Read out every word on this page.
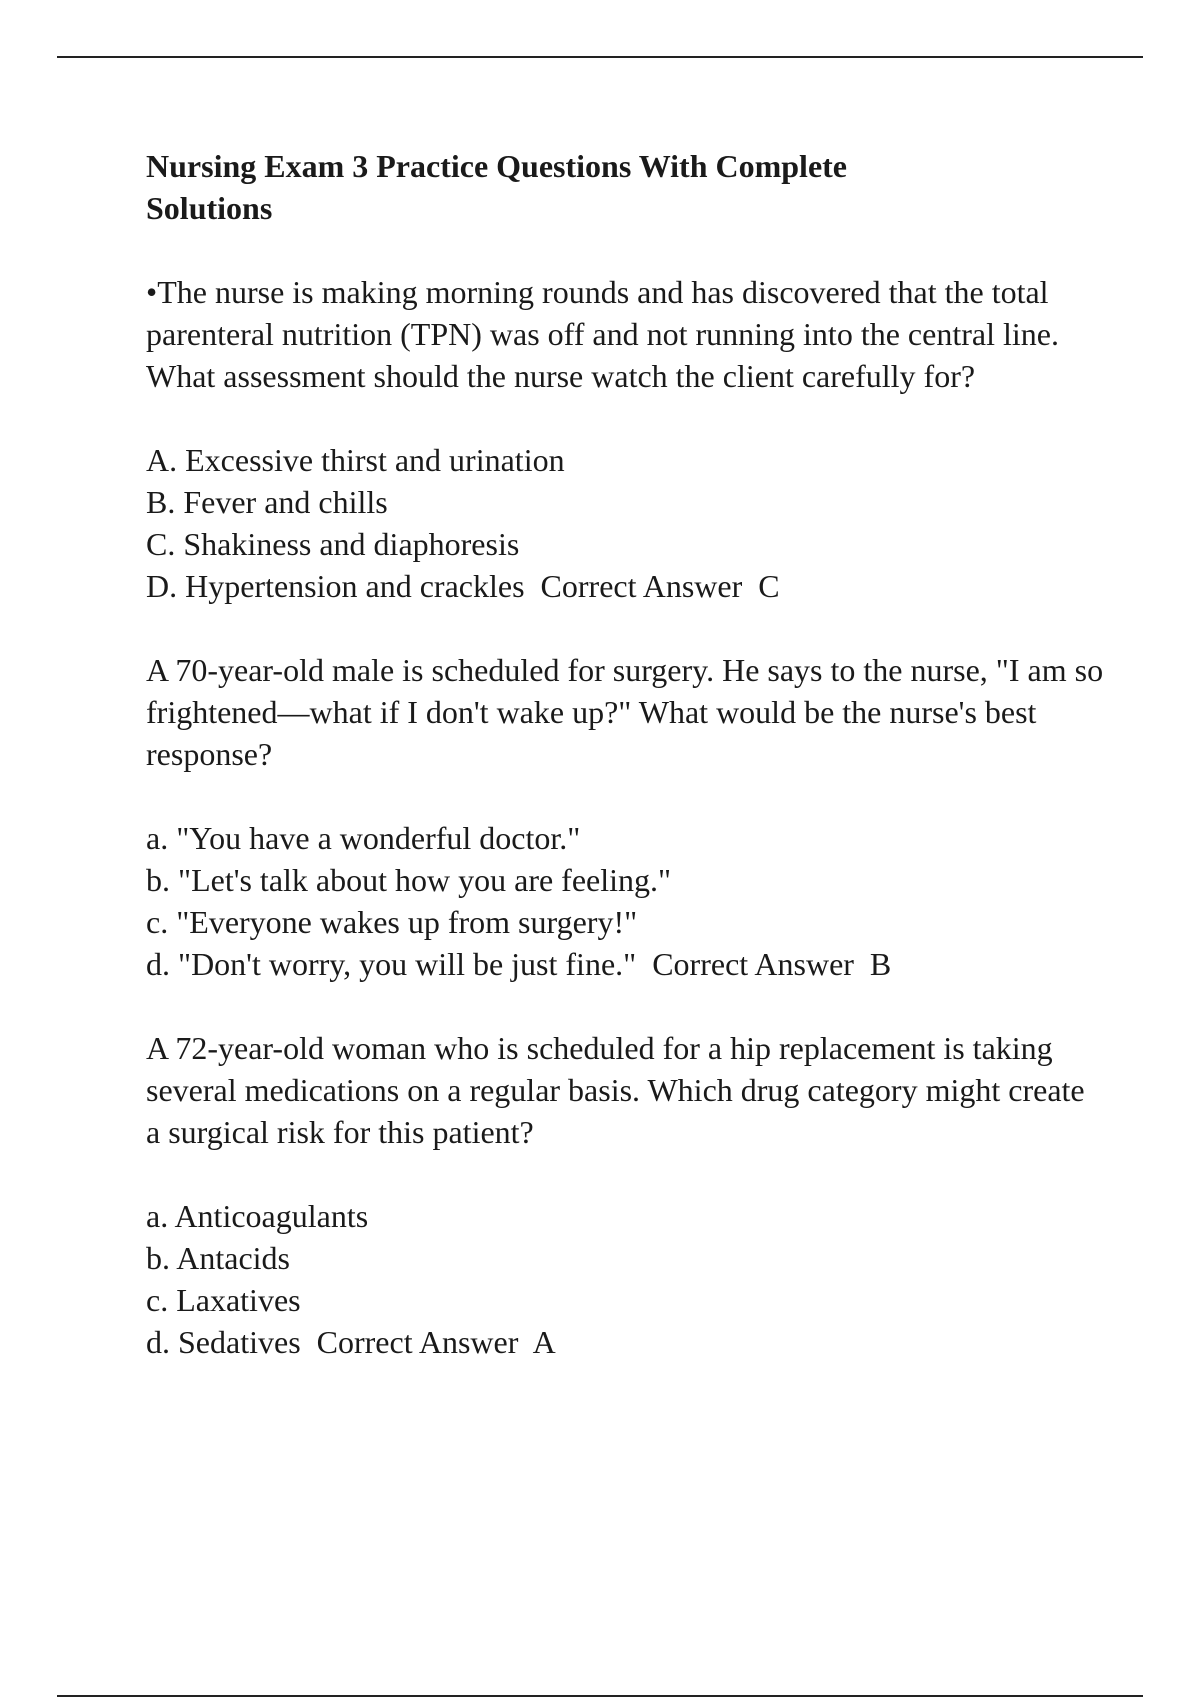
Nursing Exam 3 Practice Questions With Complete Solutions

•The nurse is making morning rounds and has discovered that the total parenteral nutrition (TPN) was off and not running into the central line. What assessment should the nurse watch the client carefully for?

A. Excessive thirst and urination
B. Fever and chills
C. Shakiness and diaphoresis
D. Hypertension and crackles  Correct Answer  C

A 70-year-old male is scheduled for surgery. He says to the nurse, "I am so frightened—what if I don't wake up?" What would be the nurse's best response?

a. "You have a wonderful doctor."
b. "Let's talk about how you are feeling."
c. "Everyone wakes up from surgery!"
d. "Don't worry, you will be just fine."  Correct Answer  B

A 72-year-old woman who is scheduled for a hip replacement is taking several medications on a regular basis. Which drug category might create a surgical risk for this patient?

a. Anticoagulants
b. Antacids
c. Laxatives
d. Sedatives  Correct Answer  A
